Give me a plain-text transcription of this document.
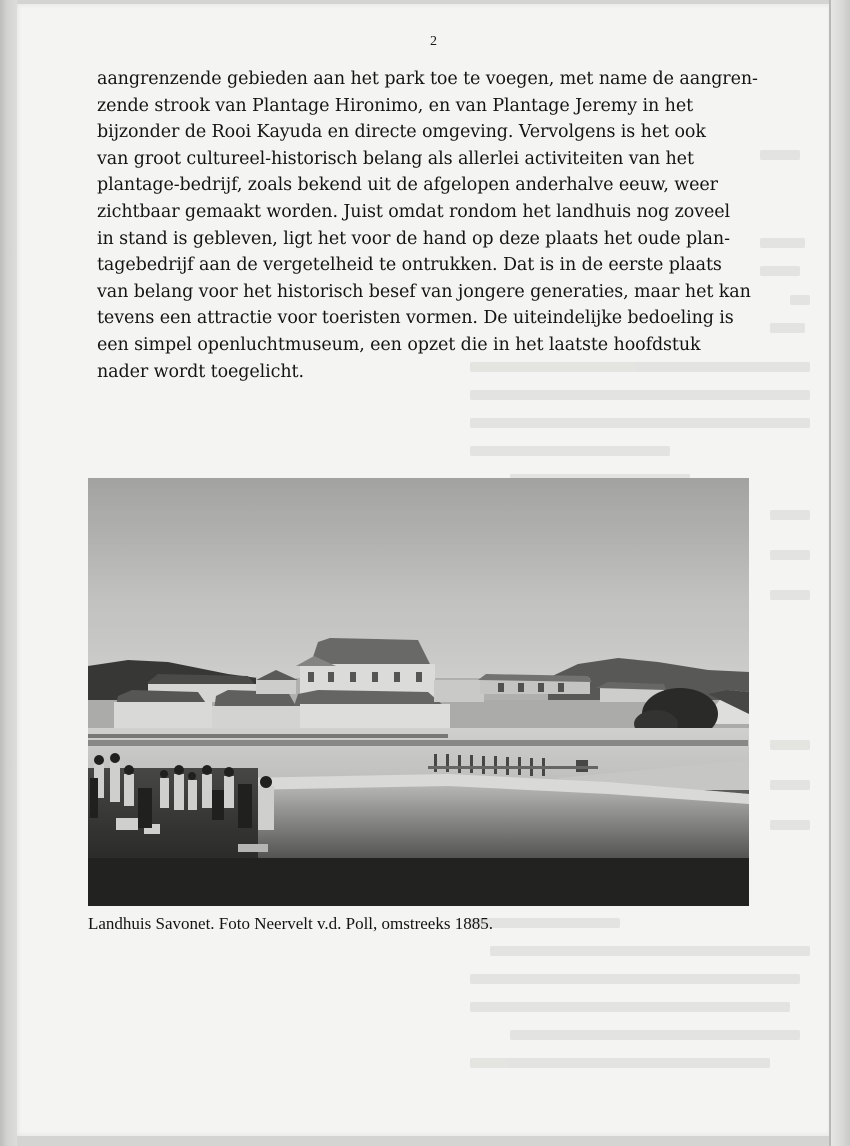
2
aangrenzende gebieden aan het park toe te voegen, met name de aangren-
zende strook van Plantage Hironimo, en van Plantage Jeremy in het
bijzonder de Rooi Kayuda en directe omgeving. Vervolgens is het ook
van groot cultureel-historisch belang als allerlei activiteiten van het
plantage-bedrijf, zoals bekend uit de afgelopen anderhalve eeuw, weer
zichtbaar gemaakt worden. Juist omdat rondom het landhuis nog zoveel
in stand is gebleven, ligt het voor de hand op deze plaats het oude plan-
tagebedrijf aan de vergetelheid te ontrukken. Dat is in de eerste plaats
van belang voor het historisch besef van jongere generaties, maar het kan
tevens een attractie voor toeristen vormen. De uiteindelijke bedoeling is
een simpel openluchtmuseum, een opzet die in het laatste hoofdstuk
nader wordt toegelicht.
Landhuis Savonet. Foto Neervelt v.d. Poll, omstreeks 1885.
